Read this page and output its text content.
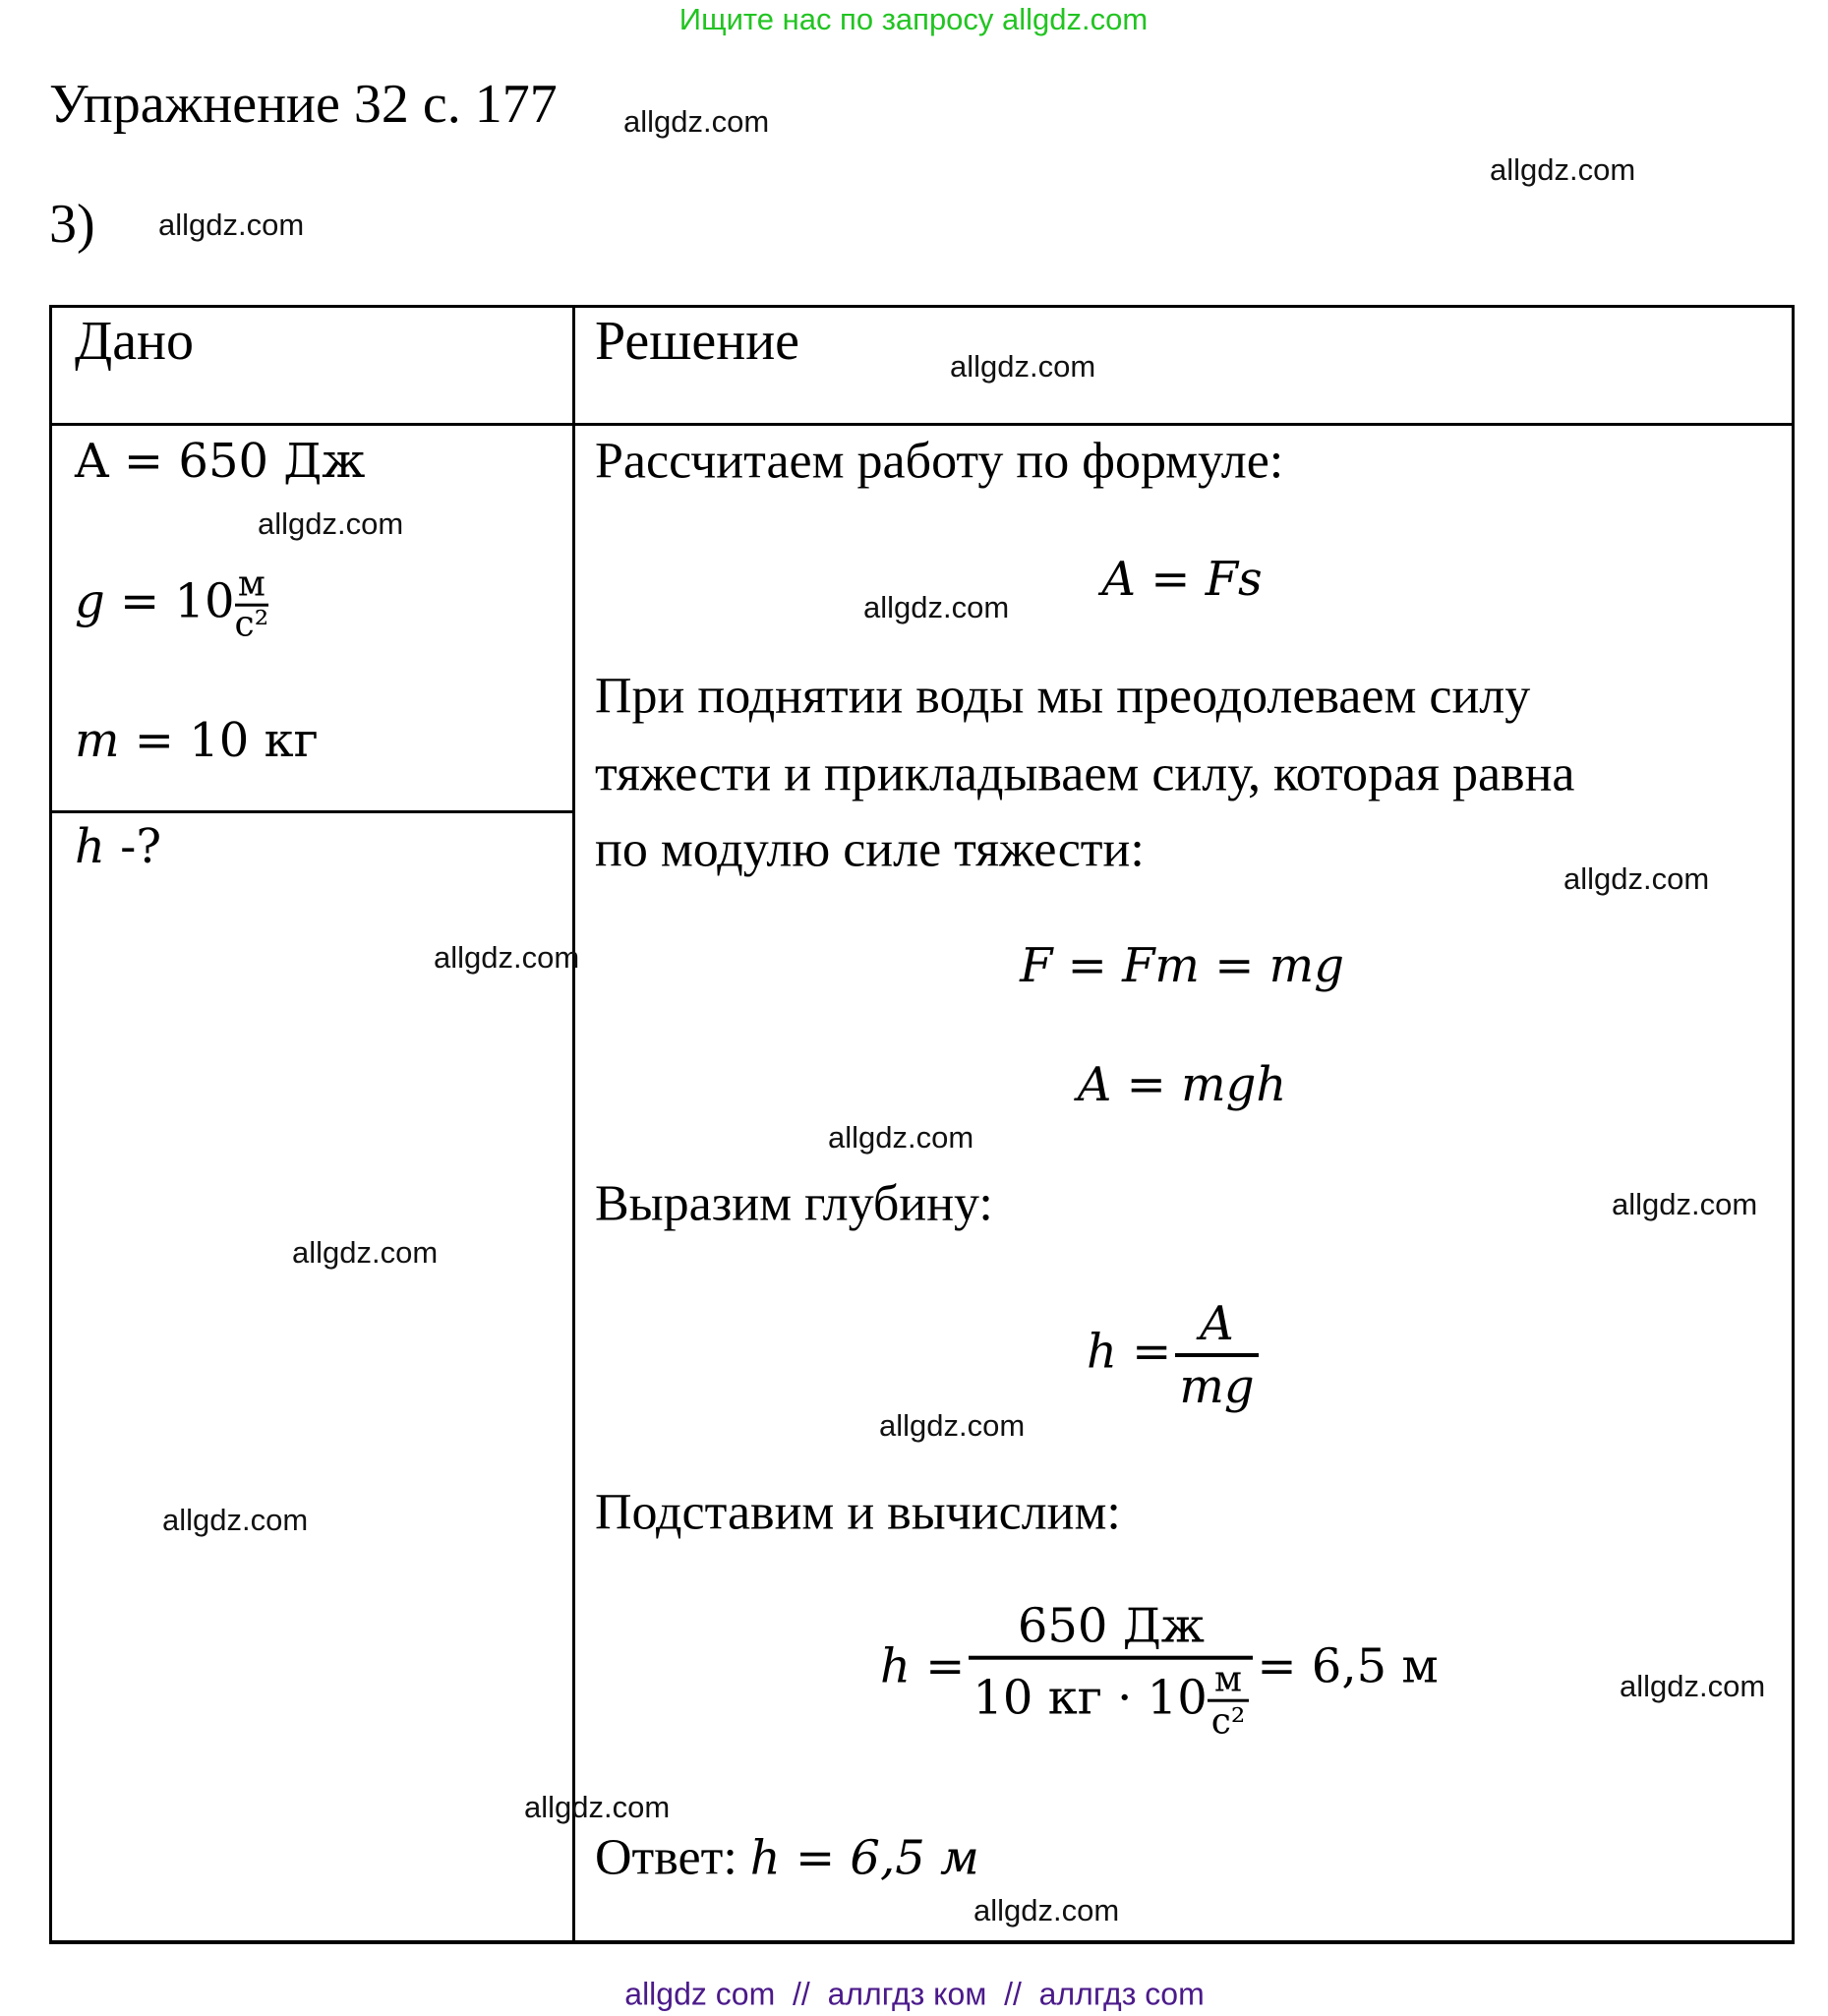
Ищите нас по запросу allgdz.com
Упражнение 32 с. 177
3)
Дано	Решение
A = 650 Дж
$g = 10 \frac{м}{\text{с²}}$
m = 10 кг
h -?
Рассчитаем работу по формуле:
A = Fs
При поднятии воды мы преодолеваем силу
тяжести и прикладываем силу, которая равна
по модулю силе тяжести:
F = Fт = mg
A = mgh
Выразим глубину:
$h = \frac{A}{mg}$
Подставим и вычислим:
h = 650 Дж
10 кг · 10 м
с² = 6,5 м
Ответ: h = 6,5 м
allgdz.com
allgdz.com
allgdz.com
allgdz.com
allgdz.com
allgdz.com
allgdz.com
allgdz.com
allgdz.com
allgdz.com
allgdz.com
allgdz.com
allgdz.com
allgdz.com
allgdz.com
allgdz.com
allgdz com  //  аллгдз ком  //  аллгдз com
